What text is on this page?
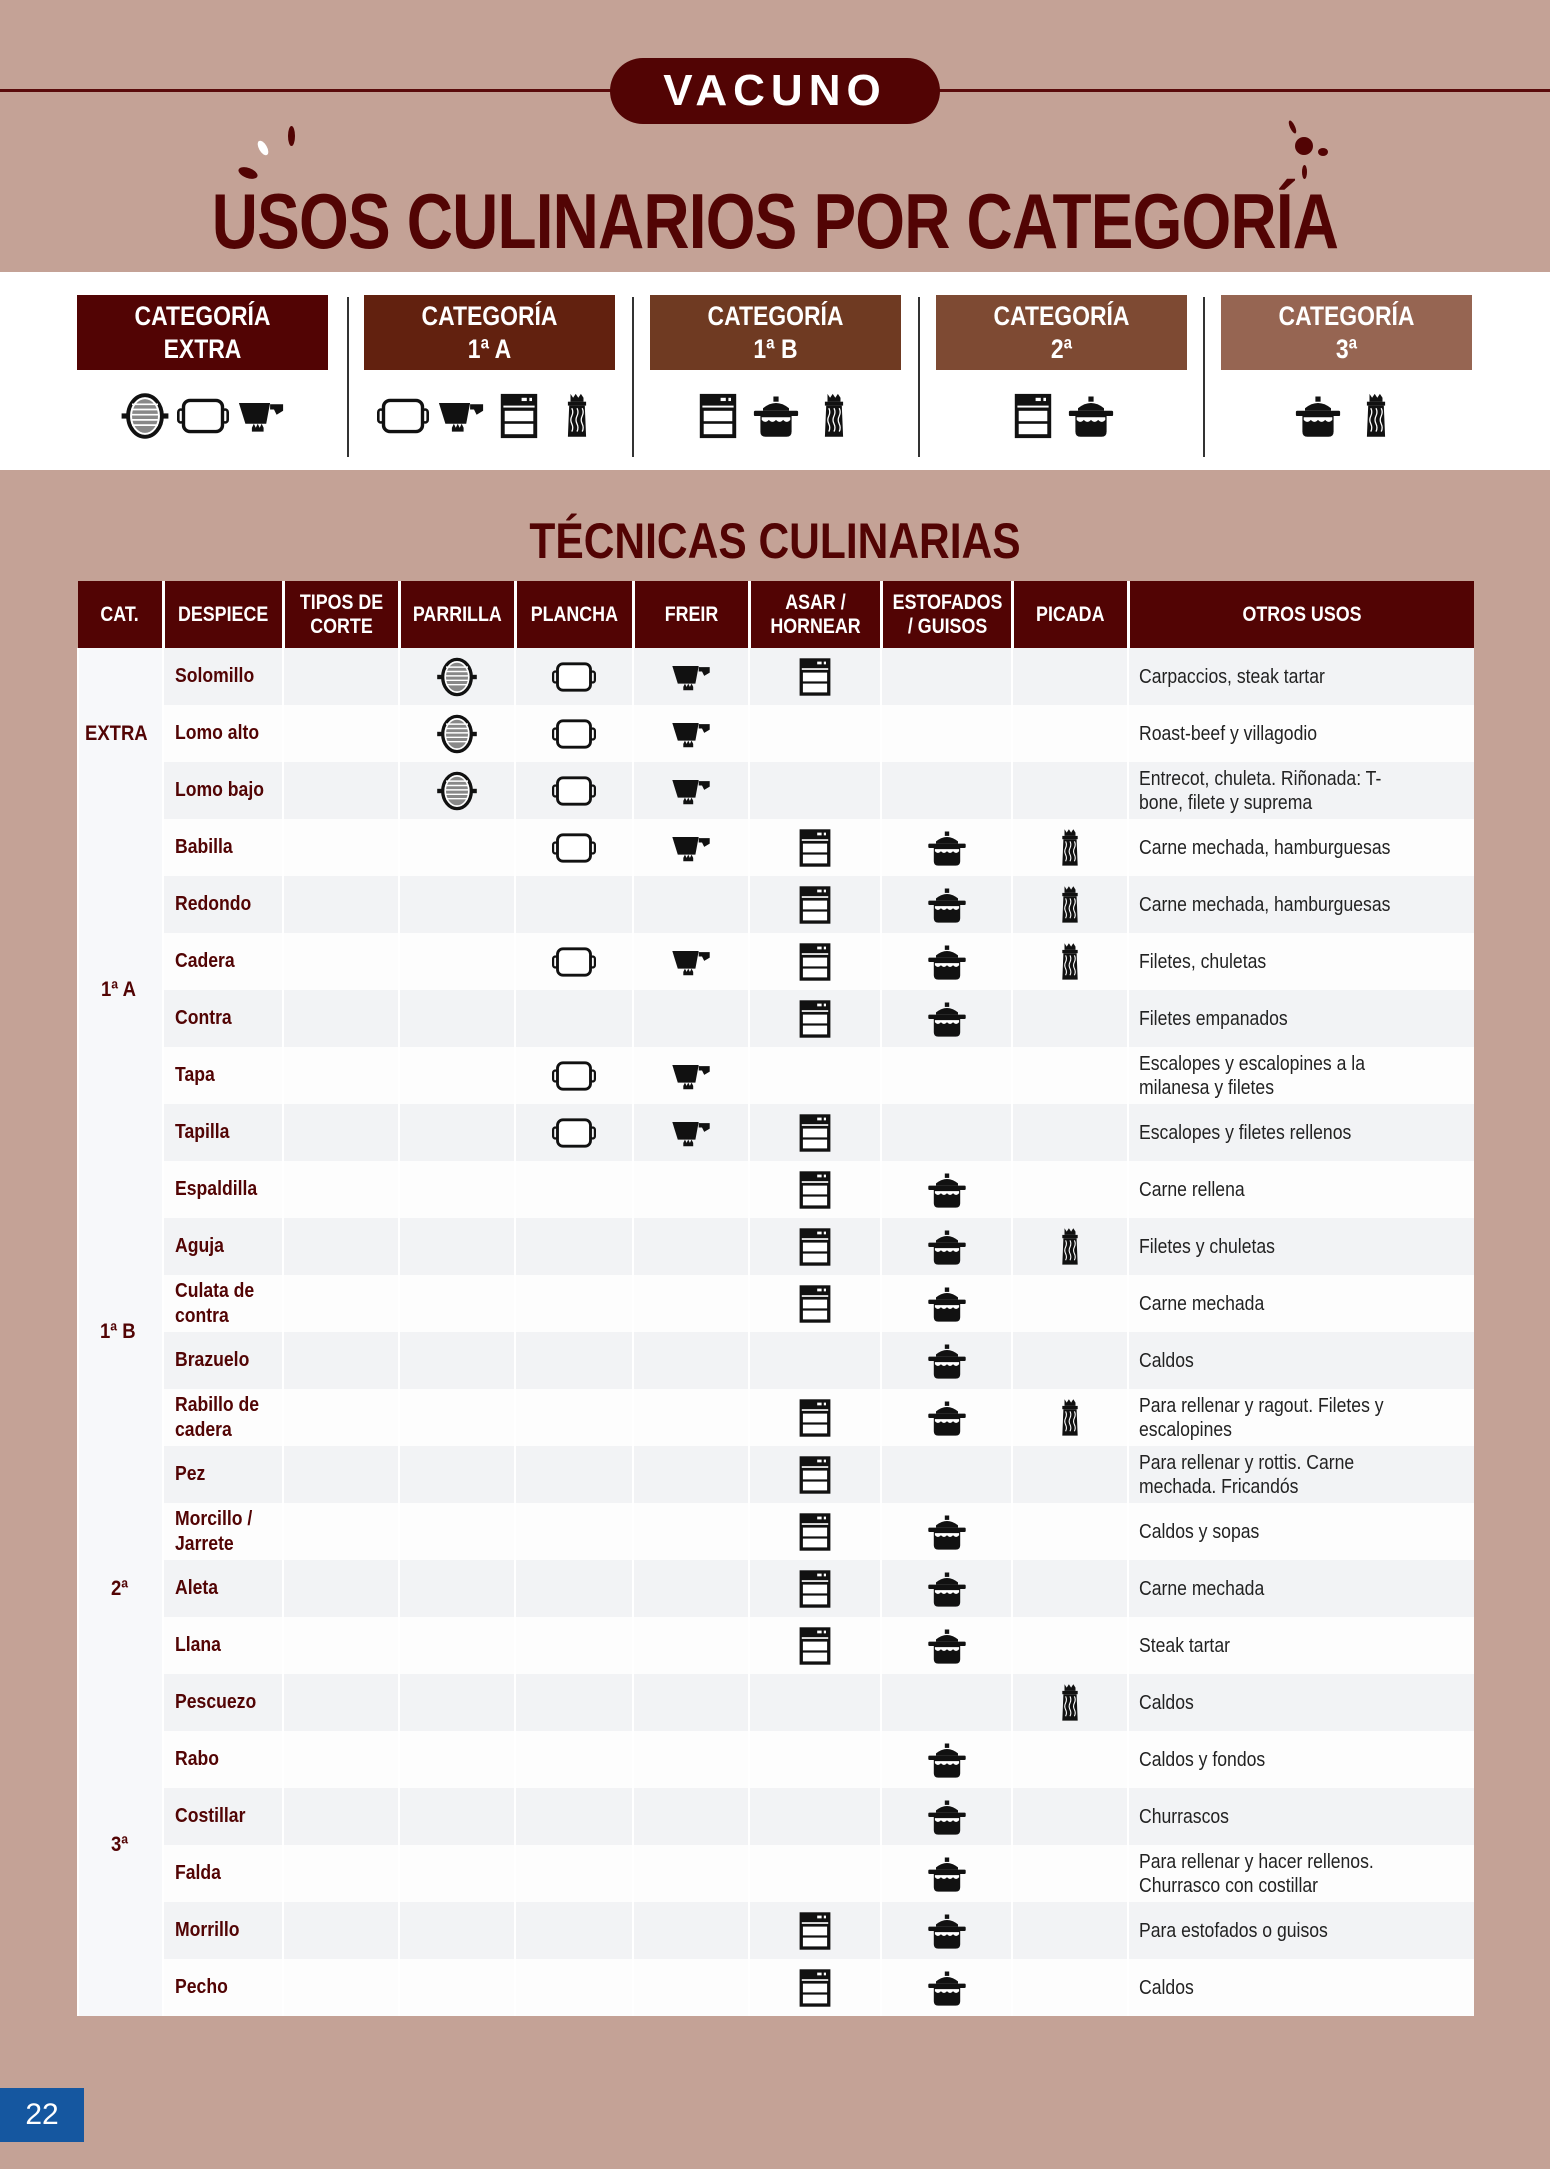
VACUNO
USOS CULINARIOS POR CATEGORÍA
CATEGORÍA
EXTRA
CATEGORÍA
1ª A
CATEGORÍA
1ª B
CATEGORÍA
2ª
CATEGORÍA
3ª
TÉCNICAS CULINARIAS
CAT.	DESPIECE	TIPOS DE CORTE	PARRILLA	PLANCHA	FREIR	ASAR / HORNEAR	ESTOFADOS / GUISOS	PICADA	OTROS USOS
EXTRA	Solomillo								Carpaccios, steak tartar
	Lomo alto								Roast-beef y villagodio
	Lomo bajo								Entrecot, chuleta. Riñonada: T-bone, filete y suprema
1ª A	Babilla								Carne mechada, hamburguesas
	Redondo								Carne mechada, hamburguesas
	Cadera								Filetes, chuletas
	Contra								Filetes empanados
	Tapa								Escalopes y escalopines a la milanesa y filetes
	Tapilla								Escalopes y filetes rellenos
1ª B	Espaldilla								Carne rellena
	Aguja								Filetes y chuletas
	Culata de contra								Carne mechada
	Brazuelo								Caldos
	Rabillo de cadera								Para rellenar y ragout. Filetes y escalopines
	Pez								Para rellenar y rottis. Carne mechada. Fricandós
2ª	Morcillo / Jarrete								Caldos y sopas
	Aleta								Carne mechada
	Llana								Steak tartar
3ª	Pescuezo								Caldos
	Rabo								Caldos y fondos
	Costillar								Churrascos
	Falda								Para rellenar y hacer rellenos. Churrasco con costillar
	Morrillo								Para estofados o guisos
	Pecho								Caldos
22
